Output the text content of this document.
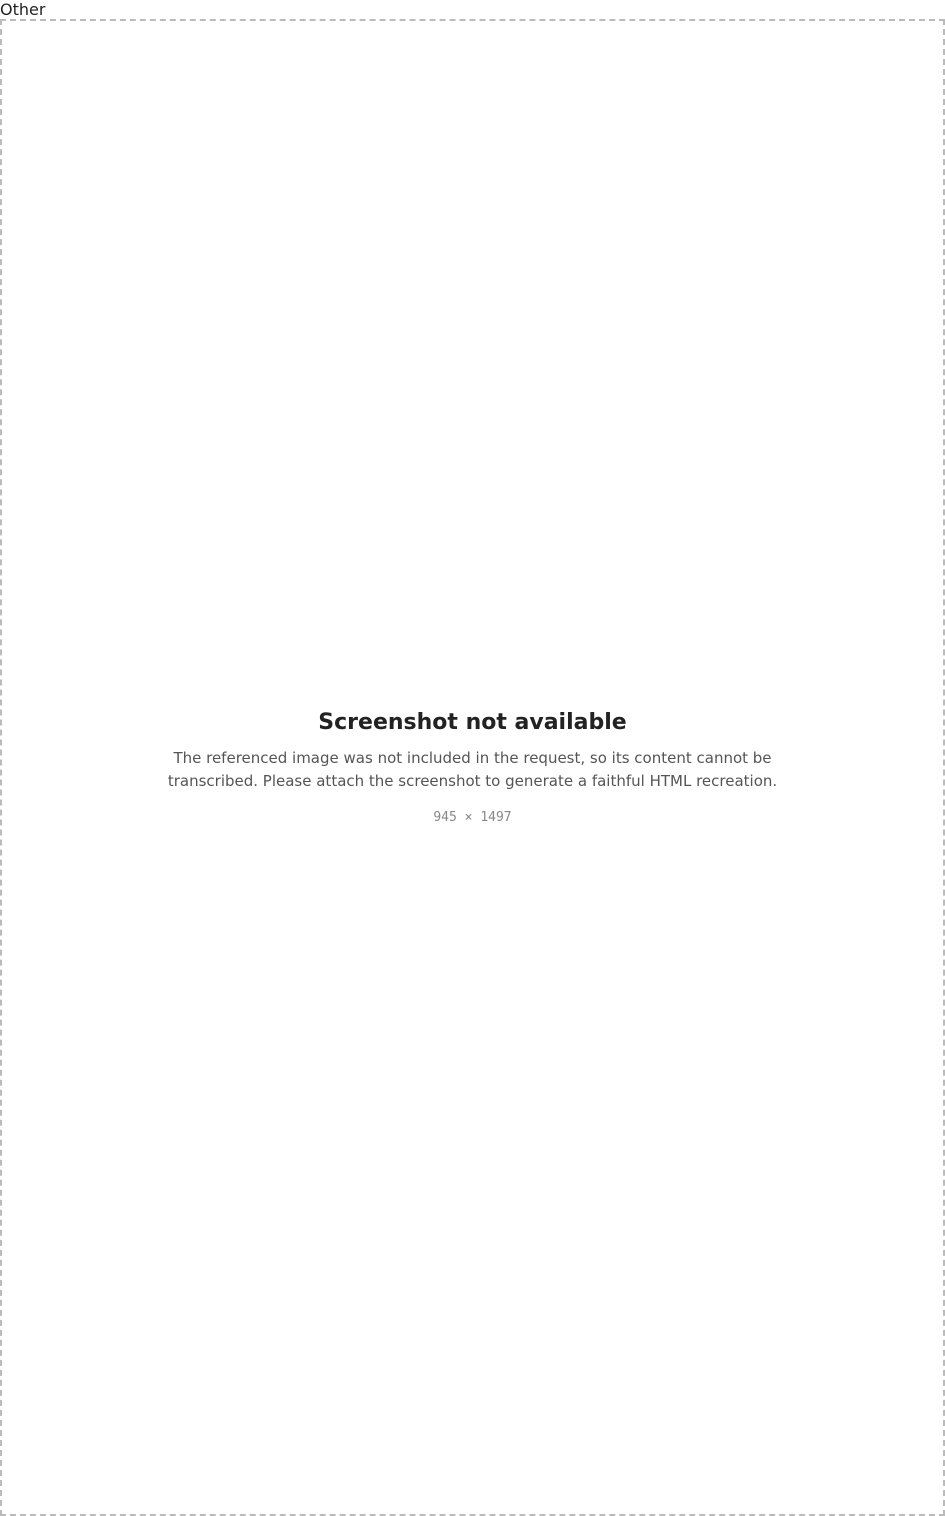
Other
Screenshot not available

The referenced image was not included in the request, so its content cannot be transcribed. Please attach the screenshot to generate a faithful HTML recreation.

945 × 1497
